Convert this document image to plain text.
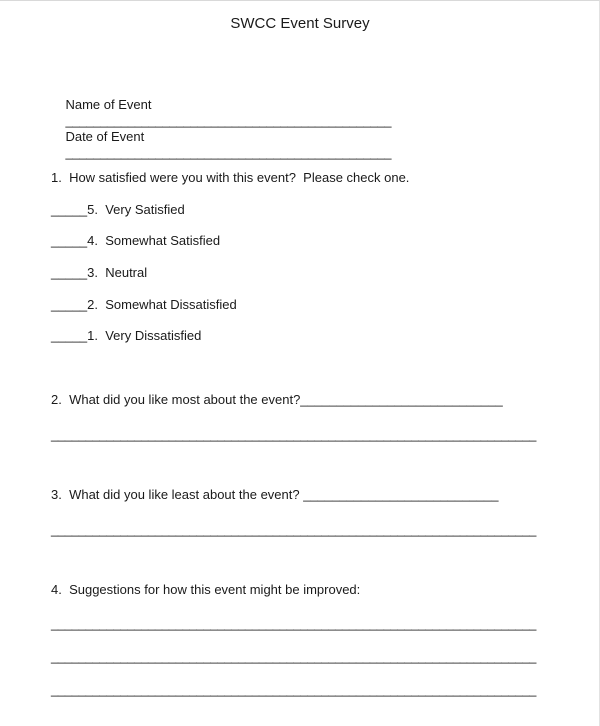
SWCC Event Survey

Name of Event
_______________________________________________

Date of Event
_______________________________________________

1.  How satisfied were you with this event?  Please check one.
_____5.  Very Satisfied
_____4.  Somewhat Satisfied
_____3.  Neutral
_____2.  Somewhat Dissatisfied
_____1.  Very Dissatisfied
2.  What did you like most about the event?____________________________
______________________________________________________________________
3.  What did you like least about the event? ___________________________
______________________________________________________________________
4.  Suggestions for how this event might be improved:
______________________________________________________________________
______________________________________________________________________
______________________________________________________________________
